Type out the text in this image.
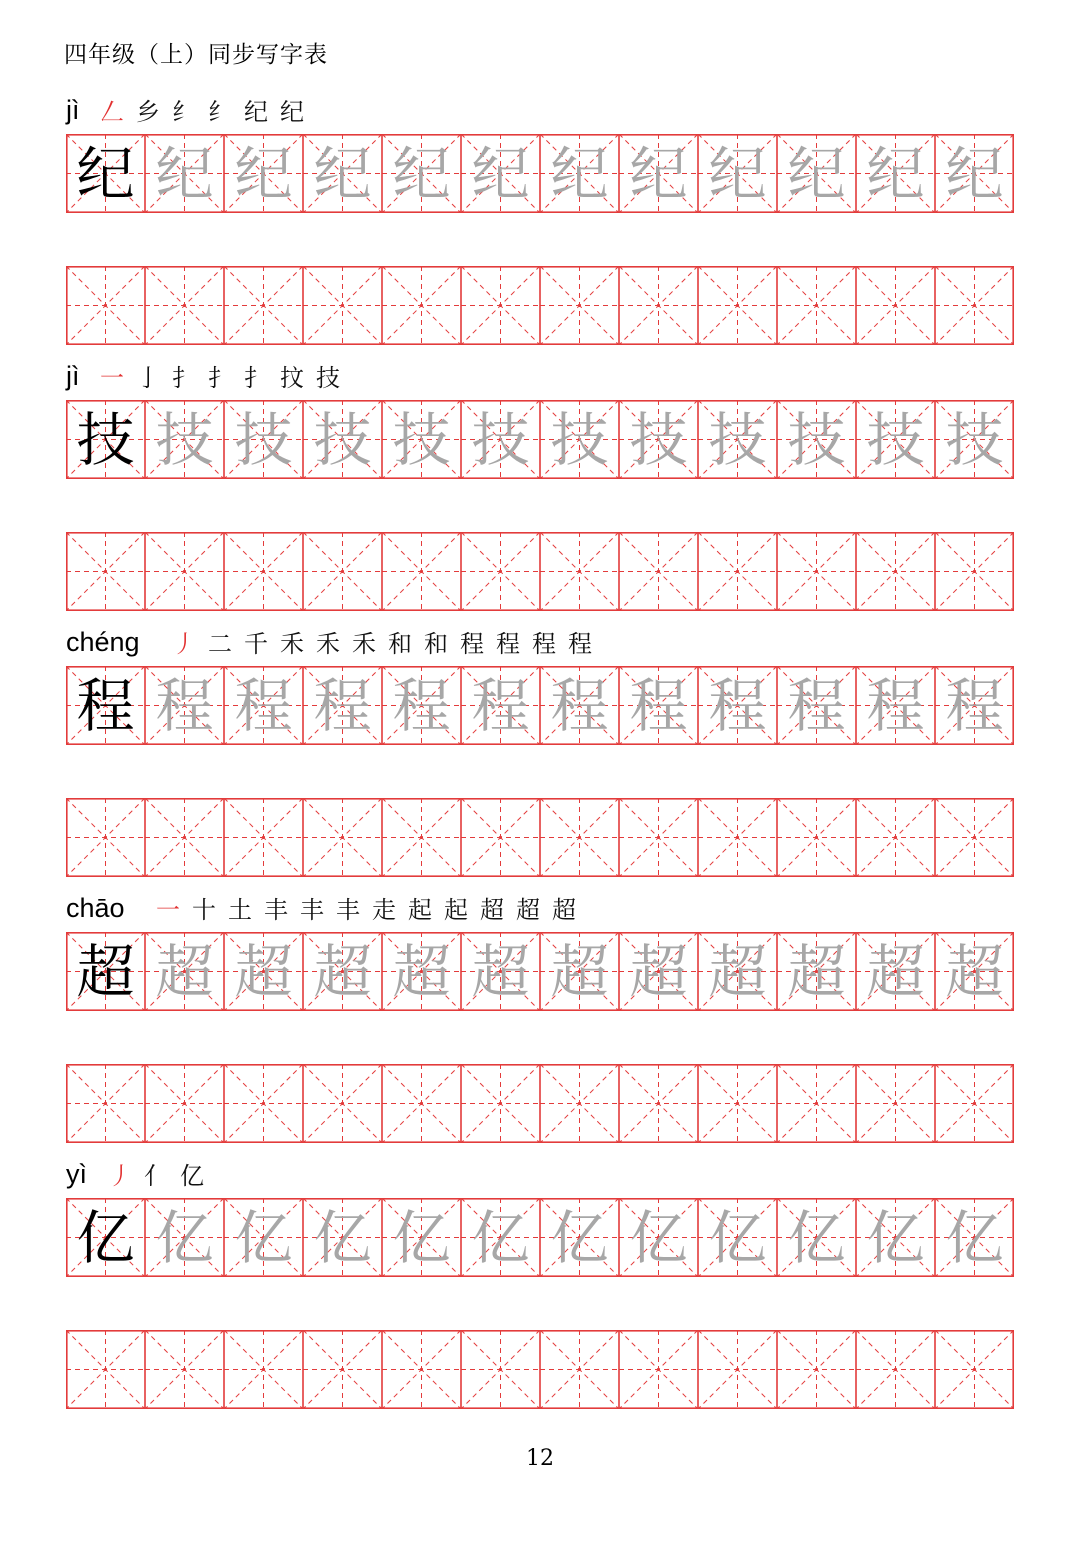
四年级（上）同步写字表
jì 𠃋 乡 纟 纟 纪 纪
纪 纪 纪 纪 纪 纪 纪 纪 纪 纪 纪 纪
jì 一 亅 扌 扌 扌 抆 技
技 技 技 技 技 技 技 技 技 技 技 技
chéng 丿 二 千 禾 禾 禾 和 和 程 程 程 程
程 程 程 程 程 程 程 程 程 程 程 程
chāo 一 十 土 丰 丰 丰 走 起 起 超 超 超
超 超 超 超 超 超 超 超 超 超 超 超
yì 丿 亻 亿
亿 亿 亿 亿 亿 亿 亿 亿 亿 亿 亿 亿
12
